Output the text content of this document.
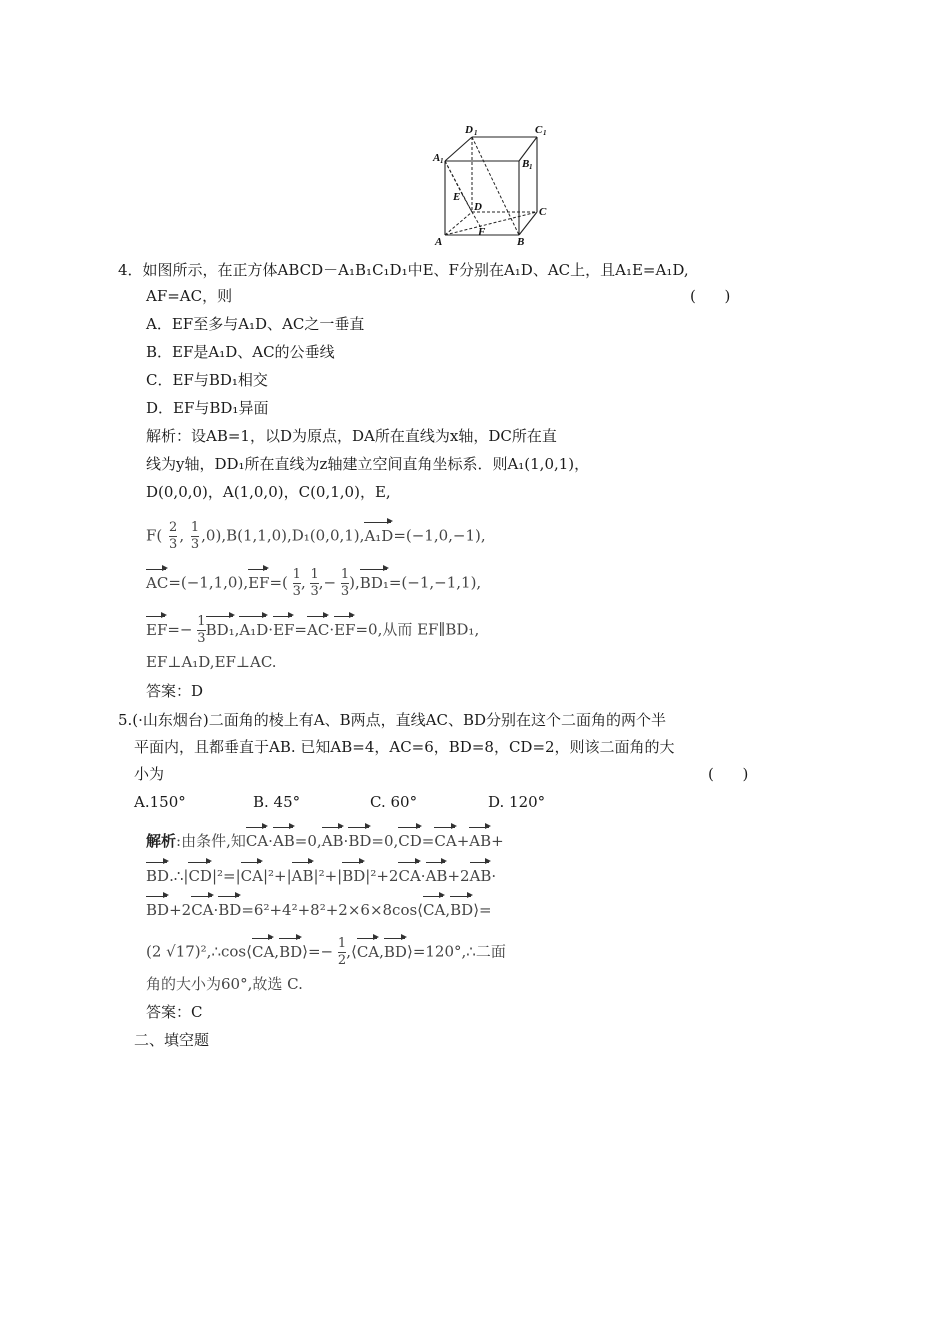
D 1	C 1
A 1	B 1
E
D	C
F
A	B
4．如图所示，在正方体ABCD－A₁B₁C₁D₁中E、F分别在A₁D、AC上，且A₁E=A₁D,
AF=AC，则	(      )
A．EF至多与A₁D、AC之一垂直
B．EF是A₁D、AC的公垂线
C．EF与BD₁相交
D．EF与BD₁异面
解析：设AB=1，以D为原点，DA所在直线为x轴，DC所在直
线为y轴，DD₁所在直线为z轴建立空间直角坐标系．则A₁(1,0,1)，
D(0,0,0)，A(1,0,0)，C(0,1,0)，E,
$F( \frac{2}{3}$ , $\frac{1}{3} ,0),B(1,1,0),D_1(0,0,1),A_1D=(-1,0,-1)$,
$AC=(-1,1,0),EF=( \frac{1}{3}$ , $\frac{1}{3}$ ,− $\frac{1}{3} ),BD_1=(-1,-1,1)$,
$EF=- \frac{1}{3} BD_1,A_1D\cdot EF=AC\cdot EF=0$,从而 EF∥BD₁,
EF⊥A₁D,EF⊥AC.
答案：D
5.(·山东烟台)二面角的棱上有A、B两点，直线AC、BD分别在这个二面角的两个半
平面内，且都垂直于AB. 已知AB=4，AC=6，BD=8，CD=2，则该二面角的大
小为	(      )
A.150°	B. 45°	C. 60°	D. 120°
解析:由条件,知CA·AB=0,AB·BD=0,CD=CA+AB+
BD.∴|CD|²=|CA|²+|AB|²+|BD|²+2CA·AB+2AB·
BD+2CA·BD=6²+4²+8²+2×6×8cos⟨CA,BD⟩=
(2 √17)²,∴cos⟨CA,BD⟩=− $\frac{1}{2}$ ,⟨CA,BD⟩=120°,∴二面
角的大小为60°,故选 C.
答案：C
二、填空题
